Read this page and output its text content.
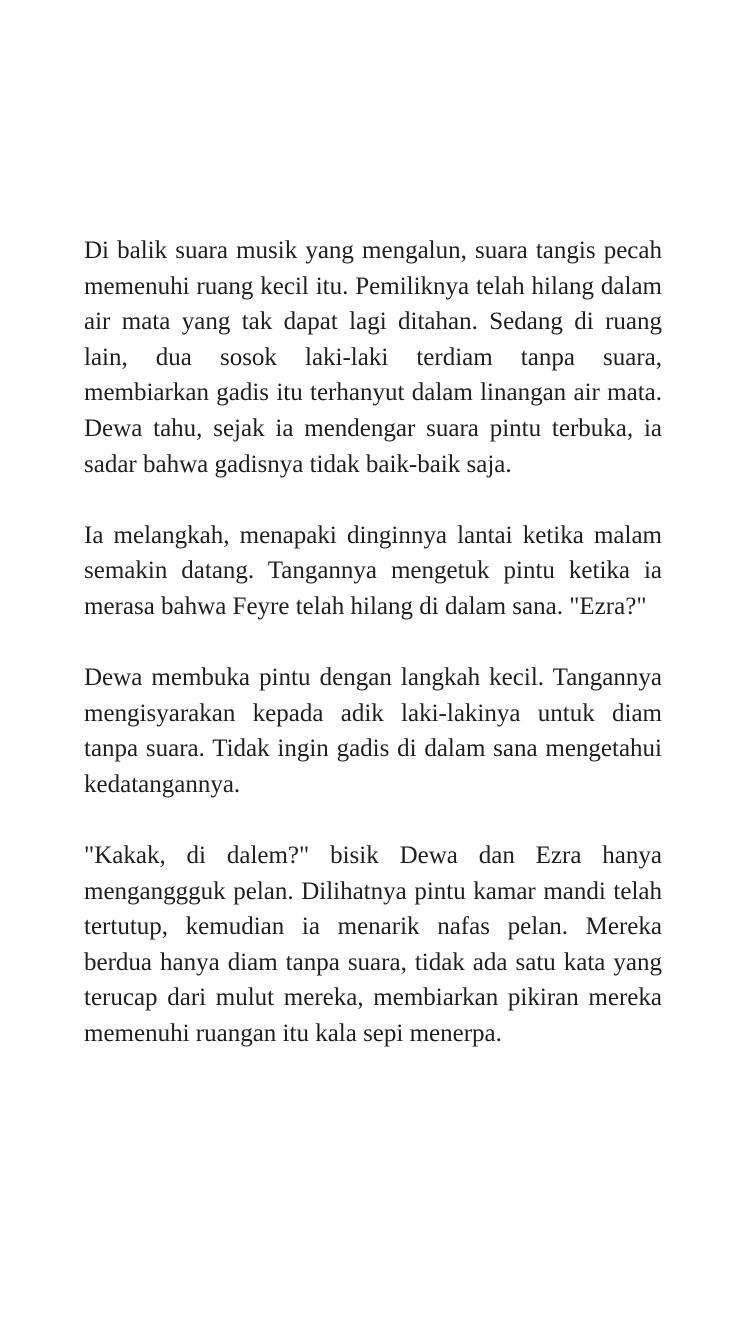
Di balik suara musik yang mengalun, suara tangis pecah memenuhi ruang kecil itu. Pemiliknya telah hilang dalam air mata yang tak dapat lagi ditahan. Sedang di ruang lain, dua sosok laki-laki terdiam tanpa suara, membiarkan gadis itu terhanyut dalam linangan air mata. Dewa tahu, sejak ia mendengar suara pintu terbuka, ia sadar bahwa gadisnya tidak baik-baik saja.

Ia melangkah, menapaki dinginnya lantai ketika malam semakin datang. Tangannya mengetuk pintu ketika ia merasa bahwa Feyre telah hilang di dalam sana. "Ezra?"

Dewa membuka pintu dengan langkah kecil. Tangannya mengisyarakan kepada adik laki-lakinya untuk diam tanpa suara. Tidak ingin gadis di dalam sana mengetahui kedatangannya.

"Kakak, di dalem?" bisik Dewa dan Ezra hanya menganggguk pelan. Dilihatnya pintu kamar mandi telah tertutup, kemudian ia menarik nafas pelan. Mereka berdua hanya diam tanpa suara, tidak ada satu kata yang terucap dari mulut mereka, membiarkan pikiran mereka memenuhi ruangan itu kala sepi menerpa.
